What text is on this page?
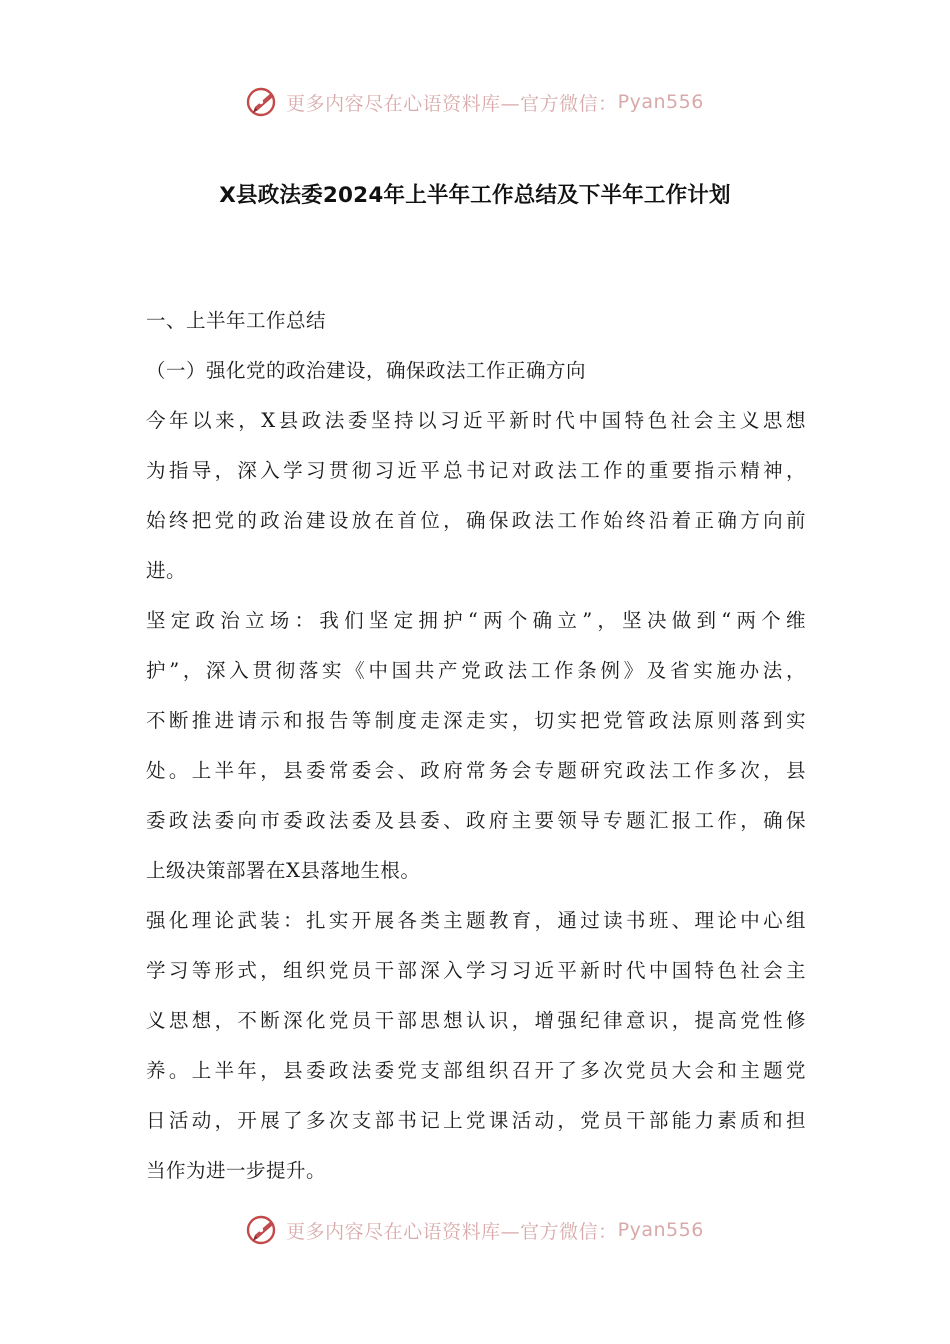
更多内容尽在心语资料库—官方微信： Pyan556
X县政法委2024年上半年工作总结及下半年工作计划
一、上半年工作总结
（一）强化党的政治建设，确保政法工作正确方向
今年以来，X县政法委坚持以习近平新时代中国特色社会主义思想
为指导，深入学习贯彻习近平总书记对政法工作的重要指示精神，
始终把党的政治建设放在首位，确保政法工作始终沿着正确方向前
进。
坚定政治立场：我们坚定拥护“两个确立”，坚决做到“两个维
护”，深入贯彻落实《中国共产党政法工作条例》及省实施办法，
不断推进请示和报告等制度走深走实，切实把党管政法原则落到实
处。上半年，县委常委会、政府常务会专题研究政法工作多次，县
委政法委向市委政法委及县委、政府主要领导专题汇报工作，确保
上级决策部署在X县落地生根。
强化理论武装：扎实开展各类主题教育，通过读书班、理论中心组
学习等形式，组织党员干部深入学习习近平新时代中国特色社会主
义思想，不断深化党员干部思想认识，增强纪律意识，提高党性修
养。上半年，县委政法委党支部组织召开了多次党员大会和主题党
日活动，开展了多次支部书记上党课活动，党员干部能力素质和担
当作为进一步提升。
更多内容尽在心语资料库—官方微信： Pyan556
